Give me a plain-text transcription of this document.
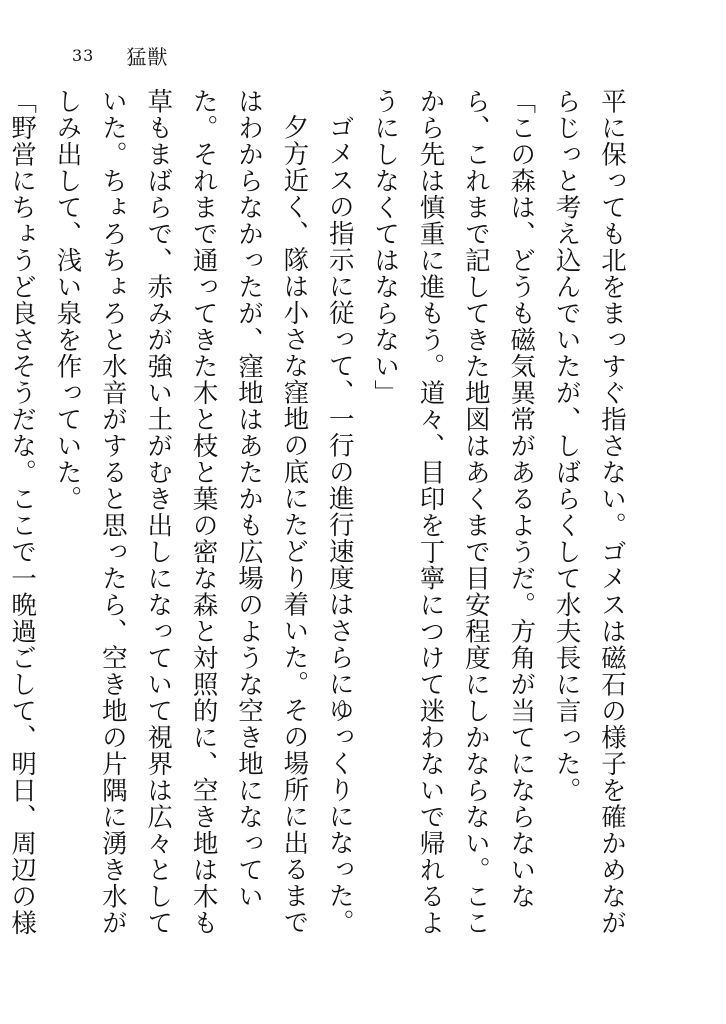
33 猛獣

平に保っても北をまっすぐ指さない。ゴメスは磁石の様子を確かめながらじっと考え込んでいたが、しばらくして水夫長に言った。

「この森は、どうも磁気異常があるようだ。方角が当てにならないなら、これまで記してきた地図はあくまで目安程度にしかならない。ここから先は慎重に進もう。道々、目印を丁寧につけて迷わないで帰れるようにしなくてはならない」

ゴメスの指示に従って、一行の進行速度はさらにゆっくりになった。

夕方近く、隊は小さな窪地の底にたどり着いた。その場所に出るまではわからなかったが、窪地はあたかも広場のような空き地になっていた。それまで通ってきた木と枝と葉の密な森と対照的に、空き地は木も草もまばらで、赤みが強い土がむき出しになっていて視界は広々としていた。ちょろちょろと水音がすると思ったら、空き地の片隅に湧き水がしみ出して、浅い泉を作っていた。

「野営にちょうど良さそうだな。ここで一晩過ごして、明日、周辺の様
